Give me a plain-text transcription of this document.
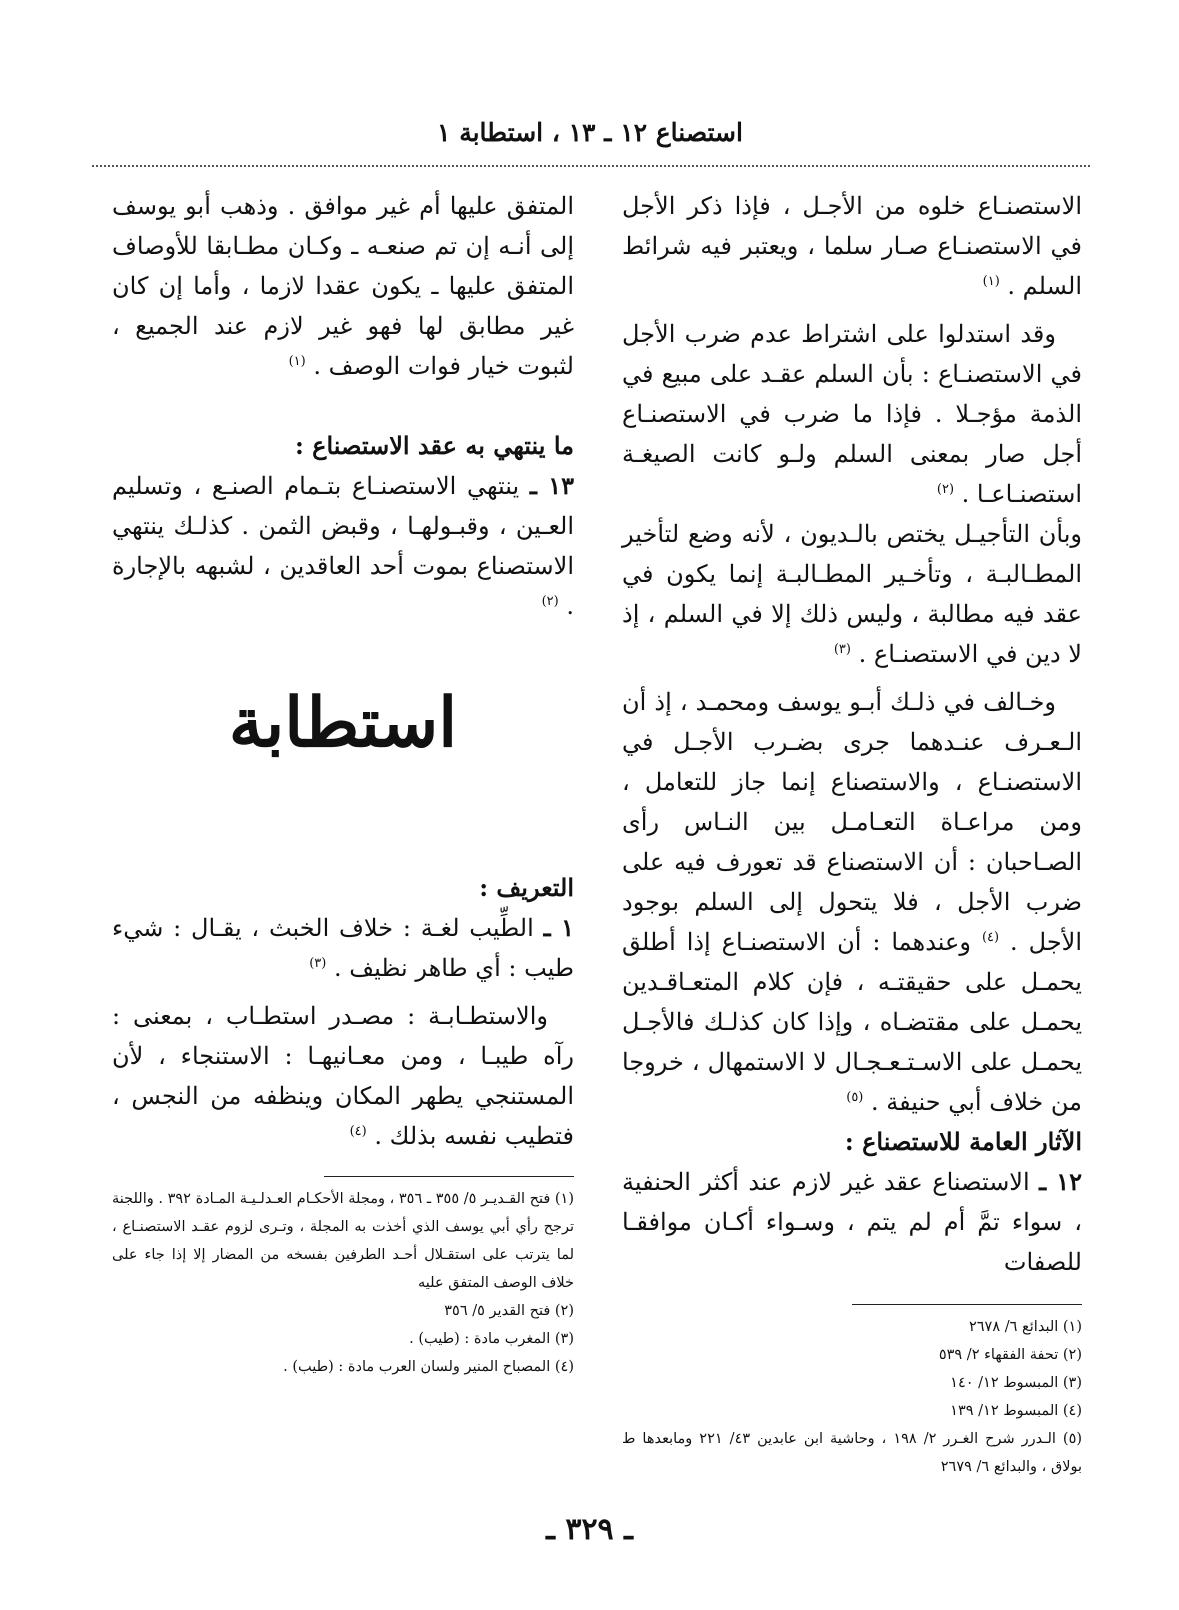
استصناع ١٢ ـ ١٣ ، استطابة ١

الاستصنـاع خلوه من الأجـل ، فإذا ذكر الأجل في الاستصنـاع صـار سلما ، ويعتبر فيه شرائط السلم . $^{(١)}$

وقد استدلوا على اشتراط عدم ضرب الأجل في الاستصنـاع : بأن السلم عقـد على مبيع في الذمة مؤجـلا . فإذا ما ضرب في الاستصنـاع أجل صار بمعنى السلم ولـو كانت الصيغـة استصنـاعـا . $^{(٢)}$

وبأن التأجيـل يختص بالـديون ، لأنه وضع لتأخير المطـالبـة ، وتأخـير المطـالبـة إنما يكون في عقد فيه مطالبة ، وليس ذلك إلا في السلم ، إذ لا دين في الاستصنـاع . $^{(٣)}$

وخـالف في ذلـك أبـو يوسف ومحمـد ، إذ أن الـعـرف عنـدهما جرى بضـرب الأجـل في الاستصنـاع ، والاستصناع إنما جاز للتعامل ، ومن مراعـاة التعـامـل بين النـاس رأى الصـاحبان : أن الاستصناع قد تعورف فيه على ضرب الأجل ، فلا يتحول إلى السلم بوجود الأجل . $^{(٤)}$ وعندهما : أن الاستصنـاع إذا أطلق يحمـل على حقيقتـه ، فإن كلام المتعـاقـدين يحمـل على مقتضـاه ، وإذا كان كذلـك فالأجـل يحمـل على الاسـتـعـجـال لا الاستمهال ، خروجا من خلاف أبي حنيفة . $^{(٥)}$

الآثار العامة للاستصناع :

١٢ ـ الاستصناع عقد غير لازم عند أكثر الحنفية ، سواء تمَّ أم لم يتم ، وسـواء أكـان موافقـا للصفات

(١) البدائع ٦/ ٢٦٧٨
(٢) تحفة الفقهاء ٢/ ٥٣٩
(٣) المبسوط ١٢/ ١٤٠
(٤) المبسوط ١٢/ ١٣٩
(٥) الـدرر شرح الغـرر ٢/ ١٩٨ ، وحاشية ابن عابدين ٤٣/ ٢٢١ ومابعدها ط بولاق ، والبدائع ٦/ ٢٦٧٩

المتفق عليها أم غير موافق . وذهب أبو يوسف إلى أنـه إن تم صنعـه ـ وكـان مطـابقا للأوصاف المتفق عليها ـ يكون عقدا لازما ، وأما إن كان غير مطابق لها فهو غير لازم عند الجميع ، لثبوت خيار فوات الوصف . $^{(١)}$

ما ينتهي به عقد الاستصناع :

١٣ ـ ينتهي الاستصنـاع بتـمام الصنـع ، وتسليم العـين ، وقبـولهـا ، وقبض الثمن . كذلـك ينتهي الاستصناع بموت أحد العاقدين ، لشبهه بالإجارة . $^{(٢)}$

استطابة

التعريف :

١ ـ الطِّيب لغـة : خلاف الخبث ، يقـال : شيء طيب : أي طاهر نظيف . $^{(٣)}$

والاستطـابـة : مصـدر استطـاب ، بمعنى : رآه طيبـا ، ومن معـانيهـا : الاستنجاء ، لأن المستنجي يطهر المكان وينظفه من النجس ، فتطيب نفسه بذلك . $^{(٤)}$

(١) فتح القـديـر ٥/ ٣٥٥ ـ ٣٥٦ ، ومجلة الأحكـام العـدلـيـة المـادة ٣٩٢ . واللجنة ترجح رأي أبي يوسف الذي أخذت به المجلة ، وتـرى لزوم عقـد الاستصنـاع ، لما يترتب على استقـلال أحـد الطرفين بفسخه من المضار إلا إذا جاء على خلاف الوصف المتفق عليه
(٢) فتح القدير ٥/ ٣٥٦
(٣) المغرب مادة : (طيب) .
(٤) المصباح المنير ولسان العرب مادة : (طيب) .
ـ ٣٢٩ ـ
